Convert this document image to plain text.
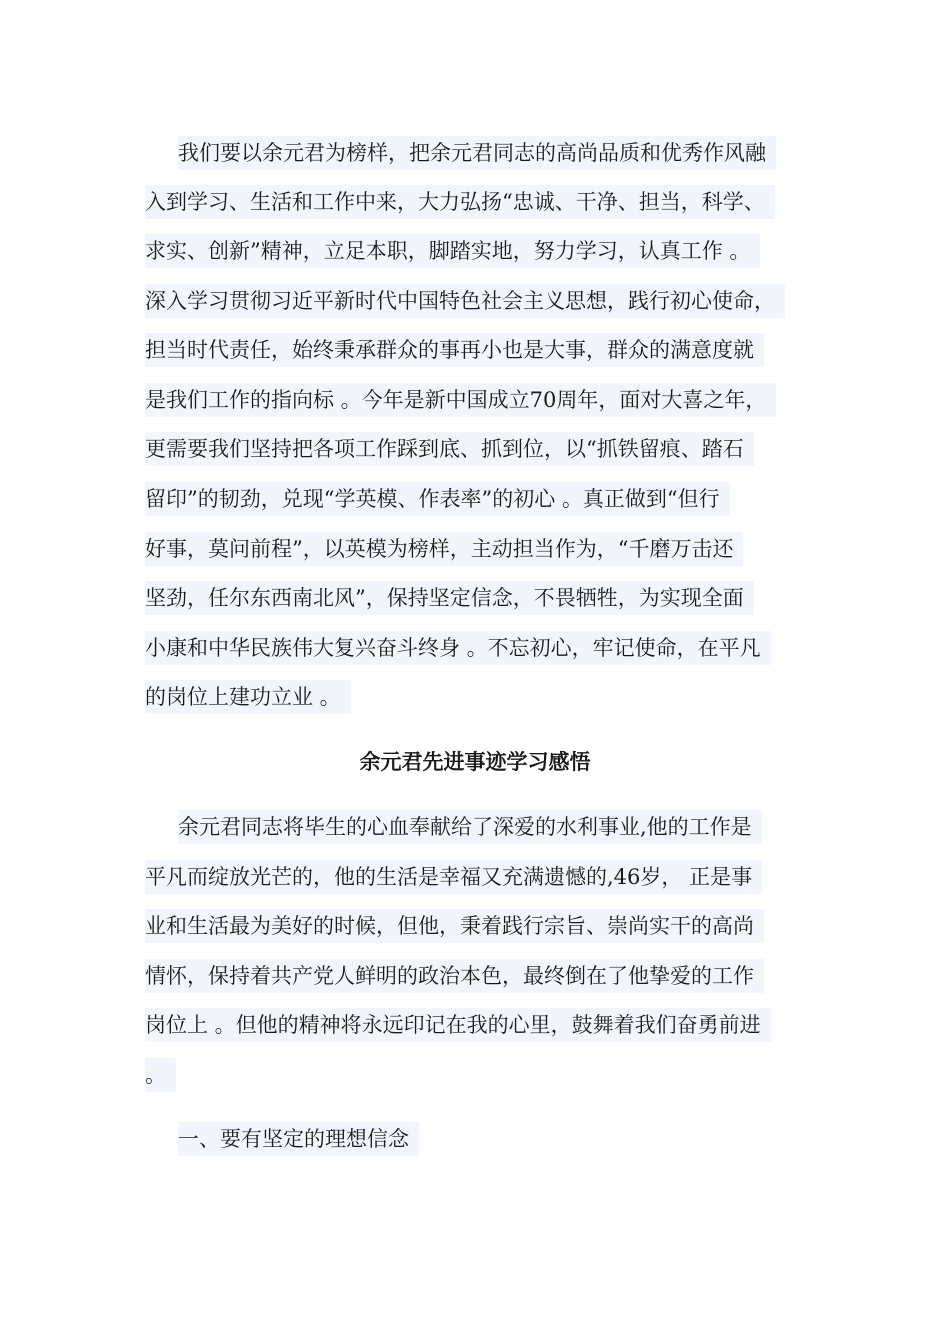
我们要以余元君为榜样，把余元君同志的高尚品质和优秀作风融
入到学习、生活和工作中来，大力弘扬“忠诚、干净、担当，科学、
求实、创新”精神，立足本职，脚踏实地，努力学习，认真工作 。
深入学习贯彻习近平新时代中国特色社会主义思想，践行初心使命，
担当时代责任，始终秉承群众的事再小也是大事，群众的满意度就
是我们工作的指向标 。今年是新中国成立70周年，面对大喜之年，
更需要我们坚持把各项工作踩到底、抓到位，以“抓铁留痕、踏石
留印”的韧劲，兑现“学英模、作表率”的初心 。真正做到“但行
好事，莫问前程”，以英模为榜样，主动担当作为，“千磨万击还
坚劲，任尔东西南北风”，保持坚定信念，不畏牺牲，为实现全面
小康和中华民族伟大复兴奋斗终身 。不忘初心，牢记使命，在平凡
的岗位上建功立业 。
余元君先进事迹学习感悟
余元君同志将毕生的心血奉献给了深爱的水利事业,他的工作是
平凡而绽放光芒的，他的生活是幸福又充满遗憾的,46岁， 正是事
业和生活最为美好的时候，但他，秉着践行宗旨、崇尚实干的高尚
情怀，保持着共产党人鲜明的政治本色，最终倒在了他挚爱的工作
岗位上 。但他的精神将永远印记在我的心里，鼓舞着我们奋勇前进
。
一、要有坚定的理想信念
